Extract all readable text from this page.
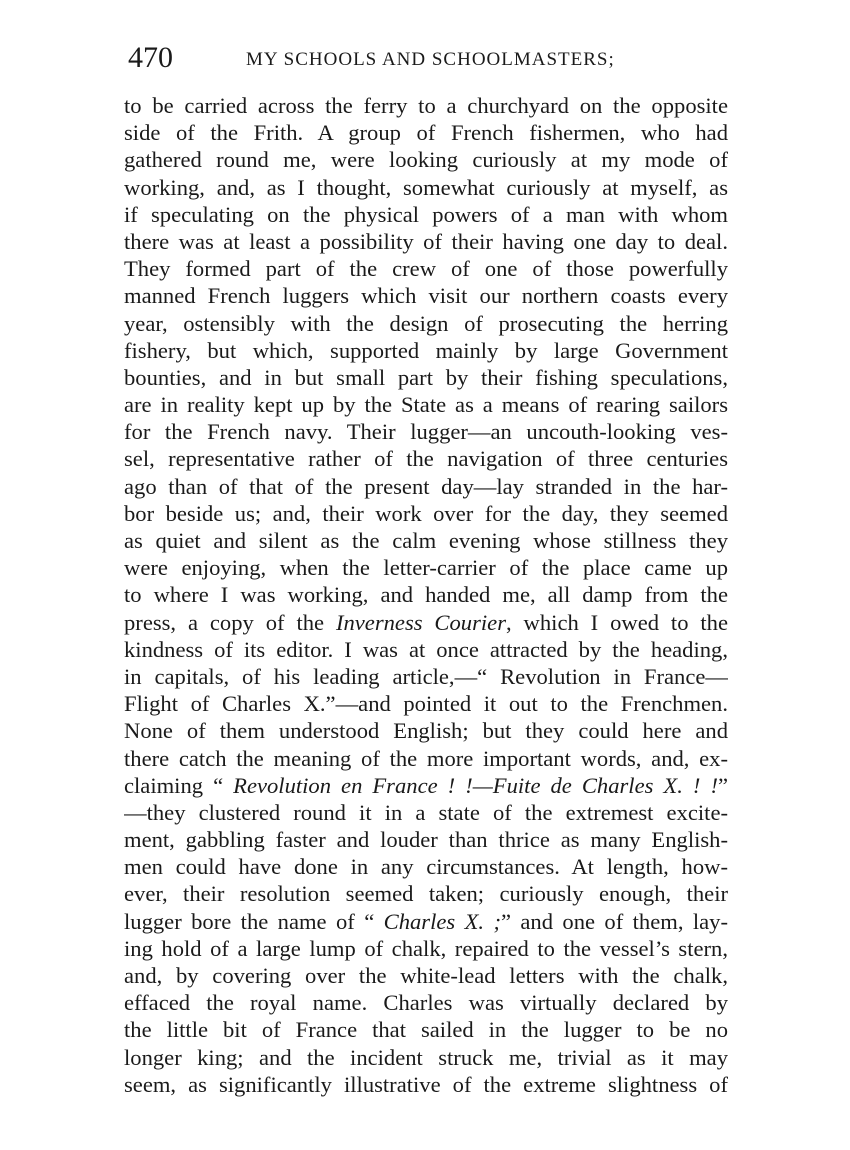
470	MY SCHOOLS AND SCHOOLMASTERS;
to be carried across the ferry to a churchyard on the opposite
side of the Frith. A group of French fishermen, who had
gathered round me, were looking curiously at my mode of
working, and, as I thought, somewhat curiously at myself, as
if speculating on the physical powers of a man with whom
there was at least a possibility of their having one day to deal.
They formed part of the crew of one of those powerfully
manned French luggers which visit our northern coasts every
year, ostensibly with the design of prosecuting the herring
fishery, but which, supported mainly by large Government
bounties, and in but small part by their fishing speculations,
are in reality kept up by the State as a means of rearing sailors
for the French navy. Their lugger—an uncouth-looking ves-
sel, representative rather of the navigation of three centuries
ago than of that of the present day—lay stranded in the har-
bor beside us; and, their work over for the day, they seemed
as quiet and silent as the calm evening whose stillness they
were enjoying, when the letter-carrier of the place came up
to where I was working, and handed me, all damp from the
press, a copy of the Inverness Courier, which I owed to the
kindness of its editor. I was at once attracted by the heading,
in capitals, of his leading article,—“ Revolution in France—
Flight of Charles X.”—and pointed it out to the Frenchmen.
None of them understood English; but they could here and
there catch the meaning of the more important words, and, ex-
claiming “ Revolution en France ! !—Fuite de Charles X. ! !”
—they clustered round it in a state of the extremest excite-
ment, gabbling faster and louder than thrice as many English-
men could have done in any circumstances. At length, how-
ever, their resolution seemed taken; curiously enough, their
lugger bore the name of “ Charles X. ;” and one of them, lay-
ing hold of a large lump of chalk, repaired to the vessel’s stern,
and, by covering over the white-lead letters with the chalk,
effaced the royal name. Charles was virtually declared by
the little bit of France that sailed in the lugger to be no
longer king; and the incident struck me, trivial as it may
seem, as significantly illustrative of the extreme slightness of
